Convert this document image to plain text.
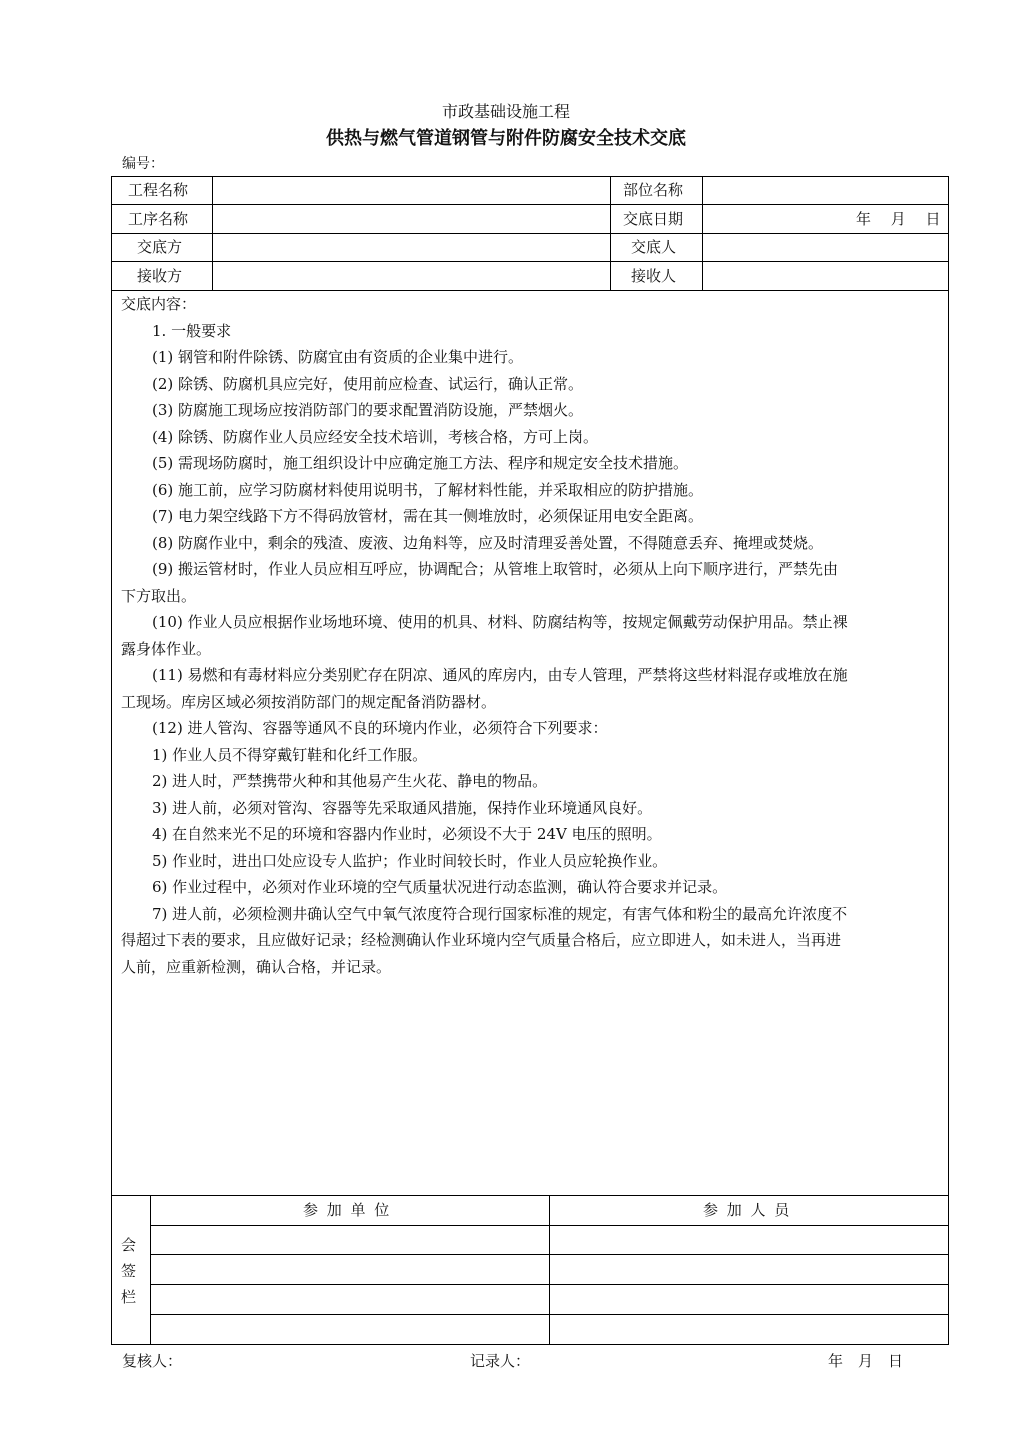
市政基础设施工程
供热与燃气管道钢管与附件防腐安全技术交底
编号：
工程名称	部位名称
工序名称	交底日期	年　 月　 日
交底方	交底人
接收方	接收人
交底内容：
1. 一般要求
(1) 钢管和附件除锈、防腐宜由有资质的企业集中进行。
(2) 除锈、防腐机具应完好，使用前应检查、试运行，确认正常。
(3) 防腐施工现场应按消防部门的要求配置消防设施，严禁烟火。
(4) 除锈、防腐作业人员应经安全技术培训，考核合格，方可上岗。
(5) 需现场防腐时，施工组织设计中应确定施工方法、程序和规定安全技术措施。
(6) 施工前，应学习防腐材料使用说明书，了解材料性能，并采取相应的防护措施。
(7) 电力架空线路下方不得码放管材，需在其一侧堆放时，必须保证用电安全距离。
(8) 防腐作业中，剩余的残渣、废液、边角料等，应及时清理妥善处置，不得随意丢弃、掩埋或焚烧。
(9) 搬运管材时，作业人员应相互呼应，协调配合；从管堆上取管时，必须从上向下顺序进行，严禁先由
下方取出。
(10) 作业人员应根据作业场地环境、使用的机具、材料、防腐结构等，按规定佩戴劳动保护用品。禁止裸
露身体作业。
(11) 易燃和有毒材料应分类别贮存在阴凉、通风的库房内，由专人管理，严禁将这些材料混存或堆放在施
工现场。库房区域必须按消防部门的规定配备消防器材。
(12) 进人管沟、容器等通风不良的环境内作业，必须符合下列要求：
1) 作业人员不得穿戴钉鞋和化纤工作服。
2) 进人时，严禁携带火种和其他易产生火花、静电的物品。
3) 进人前，必须对管沟、容器等先采取通风措施，保持作业环境通风良好。
4) 在自然来光不足的环境和容器内作业时，必须设不大于 24V 电压的照明。
5) 作业时，进出口处应设专人监护；作业时间较长时，作业人员应轮换作业。
6) 作业过程中，必须对作业环境的空气质量状况进行动态监测，确认符合要求并记录。
7) 进人前，必须检测井确认空气中氧气浓度符合现行国家标准的规定，有害气体和粉尘的最高允许浓度不
得超过下表的要求，且应做好记录；经检测确认作业环境内空气质量合格后，应立即进人，如未进人，当再进
人前，应重新检测，确认合格，并记录。
会
签
栏
参 加 单 位	参 加 人 员
复核人：	记录人：	年　月　日
